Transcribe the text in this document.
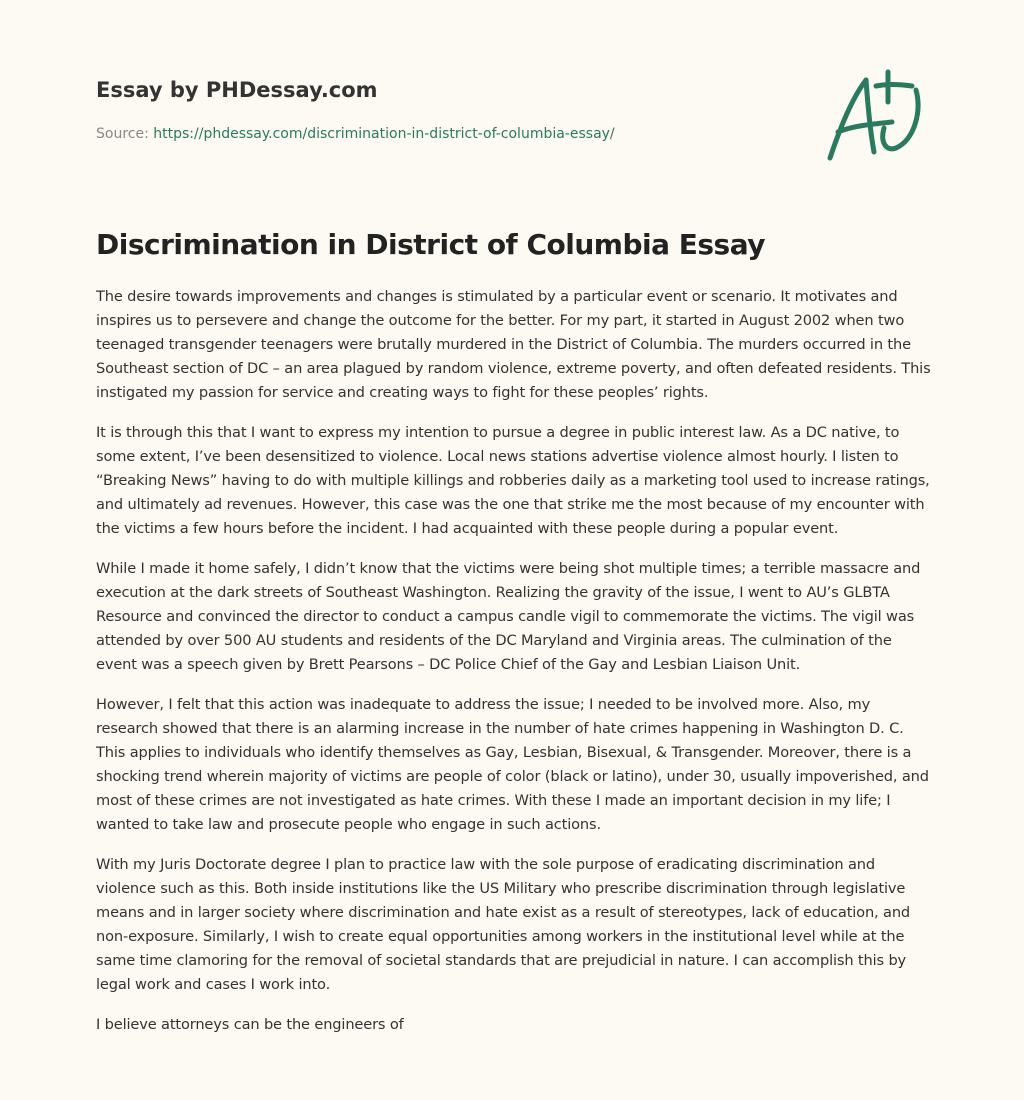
Essay by PHDessay.com
Source: https://phdessay.com/discrimination-in-district-of-columbia-essay/
Discrimination in District of Columbia Essay

The desire towards improvements and changes is stimulated by a particular event or scenario. It motivates and inspires us to persevere and change the outcome for the better. For my part, it started in August 2002 when two teenaged transgender teenagers were brutally murdered in the District of Columbia. The murders occurred in the Southeast section of DC – an area plagued by random violence, extreme poverty, and often defeated residents. This instigated my passion for service and creating ways to fight for these peoples’ rights.

It is through this that I want to express my intention to pursue a degree in public interest law. As a DC native, to some extent, I’ve been desensitized to violence. Local news stations advertise violence almost hourly. I listen to “Breaking News” having to do with multiple killings and robberies daily as a marketing tool used to increase ratings, and ultimately ad revenues. However, this case was the one that strike me the most because of my encounter with the victims a few hours before the incident. I had acquainted with these people during a popular event.

While I made it home safely, I didn’t know that the victims were being shot multiple times; a terrible massacre and execution at the dark streets of Southeast Washington. Realizing the gravity of the issue, I went to AU’s GLBTA Resource and convinced the director to conduct a campus candle vigil to commemorate the victims. The vigil was attended by over 500 AU students and residents of the DC Maryland and Virginia areas. The culmination of the event was a speech given by Brett Pearsons – DC Police Chief of the Gay and Lesbian Liaison Unit.

However, I felt that this action was inadequate to address the issue; I needed to be involved more. Also, my research showed that there is an alarming increase in the number of hate crimes happening in Washington D. C. This applies to individuals who identify themselves as Gay, Lesbian, Bisexual, & Transgender. Moreover, there is a shocking trend wherein majority of victims are people of color (black or latino), under 30, usually impoverished, and most of these crimes are not investigated as hate crimes. With these I made an important decision in my life; I wanted to take law and prosecute people who engage in such actions.

With my Juris Doctorate degree I plan to practice law with the sole purpose of eradicating discrimination and violence such as this. Both inside institutions like the US Military who prescribe discrimination through legislative means and in larger society where discrimination and hate exist as a result of stereotypes, lack of education, and non-exposure. Similarly, I wish to create equal opportunities among workers in the institutional level while at the same time clamoring for the removal of societal standards that are prejudicial in nature. I can accomplish this by legal work and cases I work into.

I believe attorneys can be the engineers of
